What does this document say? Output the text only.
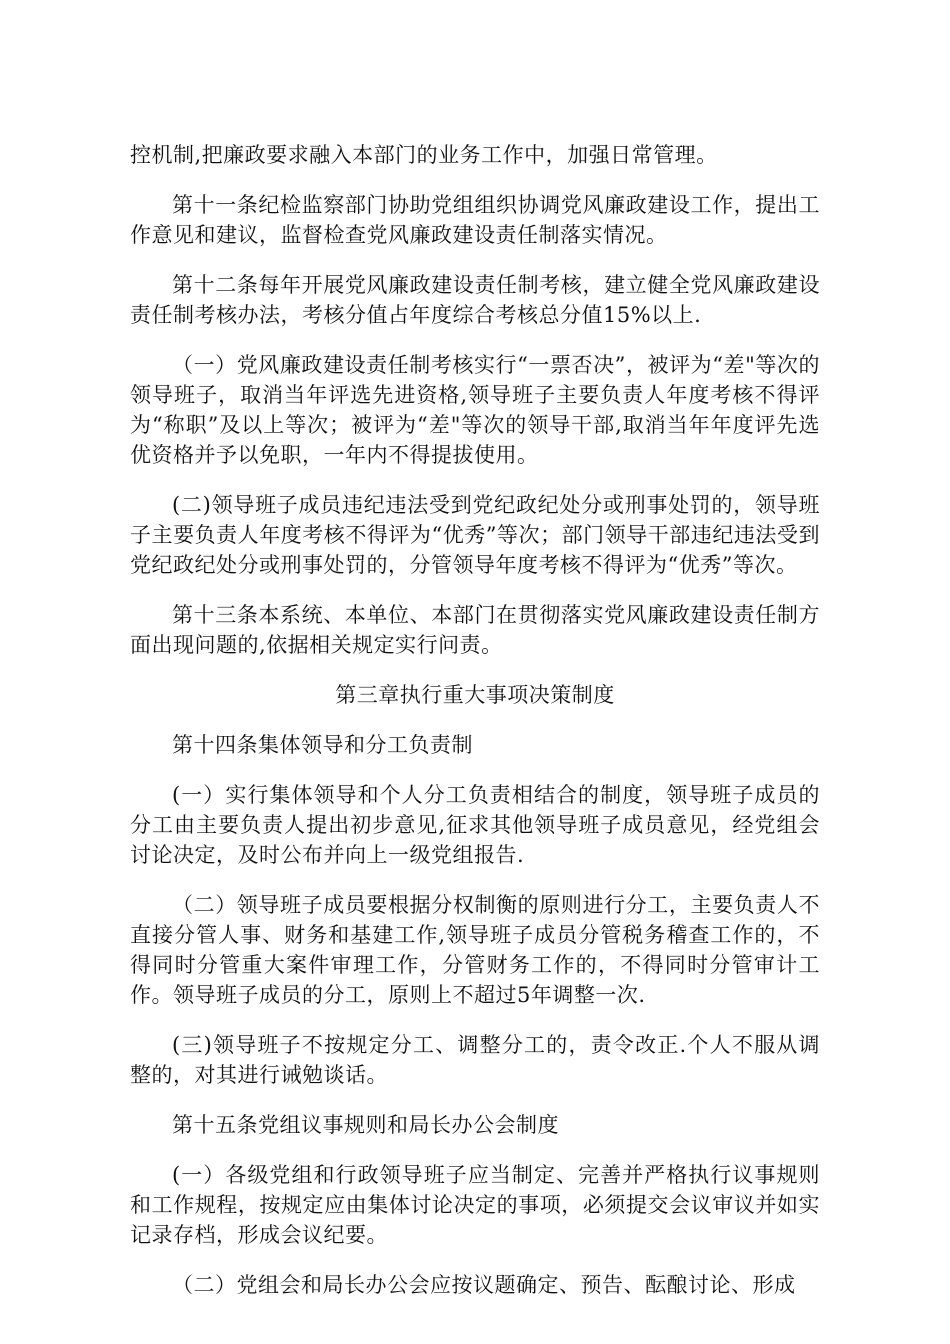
控机制,把廉政要求融入本部门的业务工作中，加强日常管理。

第十一条纪检监察部门协助党组组织协调党风廉政建设工作，提出工作意见和建议，监督检查党风廉政建设责任制落实情况。

第十二条每年开展党风廉政建设责任制考核，建立健全党风廉政建设责任制考核办法，考核分值占年度综合考核总分值15%以上.

（一）党风廉政建设责任制考核实行“一票否决”，被评为“差"等次的领导班子，取消当年评选先进资格,领导班子主要负责人年度考核不得评为“称职”及以上等次；被评为“差"等次的领导干部,取消当年年度评先选优资格并予以免职，一年内不得提拔使用。

(二)领导班子成员违纪违法受到党纪政纪处分或刑事处罚的，领导班子主要负责人年度考核不得评为“优秀”等次；部门领导干部违纪违法受到党纪政纪处分或刑事处罚的，分管领导年度考核不得评为“优秀”等次。

第十三条本系统、本单位、本部门在贯彻落实党风廉政建设责任制方面出现问题的,依据相关规定实行问责。

第三章执行重大事项决策制度

第十四条集体领导和分工负责制

(一）实行集体领导和个人分工负责相结合的制度，领导班子成员的分工由主要负责人提出初步意见,征求其他领导班子成员意见，经党组会讨论决定，及时公布并向上一级党组报告.

（二）领导班子成员要根据分权制衡的原则进行分工，主要负责人不直接分管人事、财务和基建工作,领导班子成员分管税务稽查工作的，不得同时分管重大案件审理工作，分管财务工作的，不得同时分管审计工作。领导班子成员的分工，原则上不超过5年调整一次.

(三)领导班子不按规定分工、调整分工的，责令改正.个人不服从调整的，对其进行诫勉谈话。

第十五条党组议事规则和局长办公会制度

(一）各级党组和行政领导班子应当制定、完善并严格执行议事规则和工作规程，按规定应由集体讨论决定的事项，必须提交会议审议并如实记录存档，形成会议纪要。

（二）党组会和局长办公会应按议题确定、预告、酝酿讨论、形成
